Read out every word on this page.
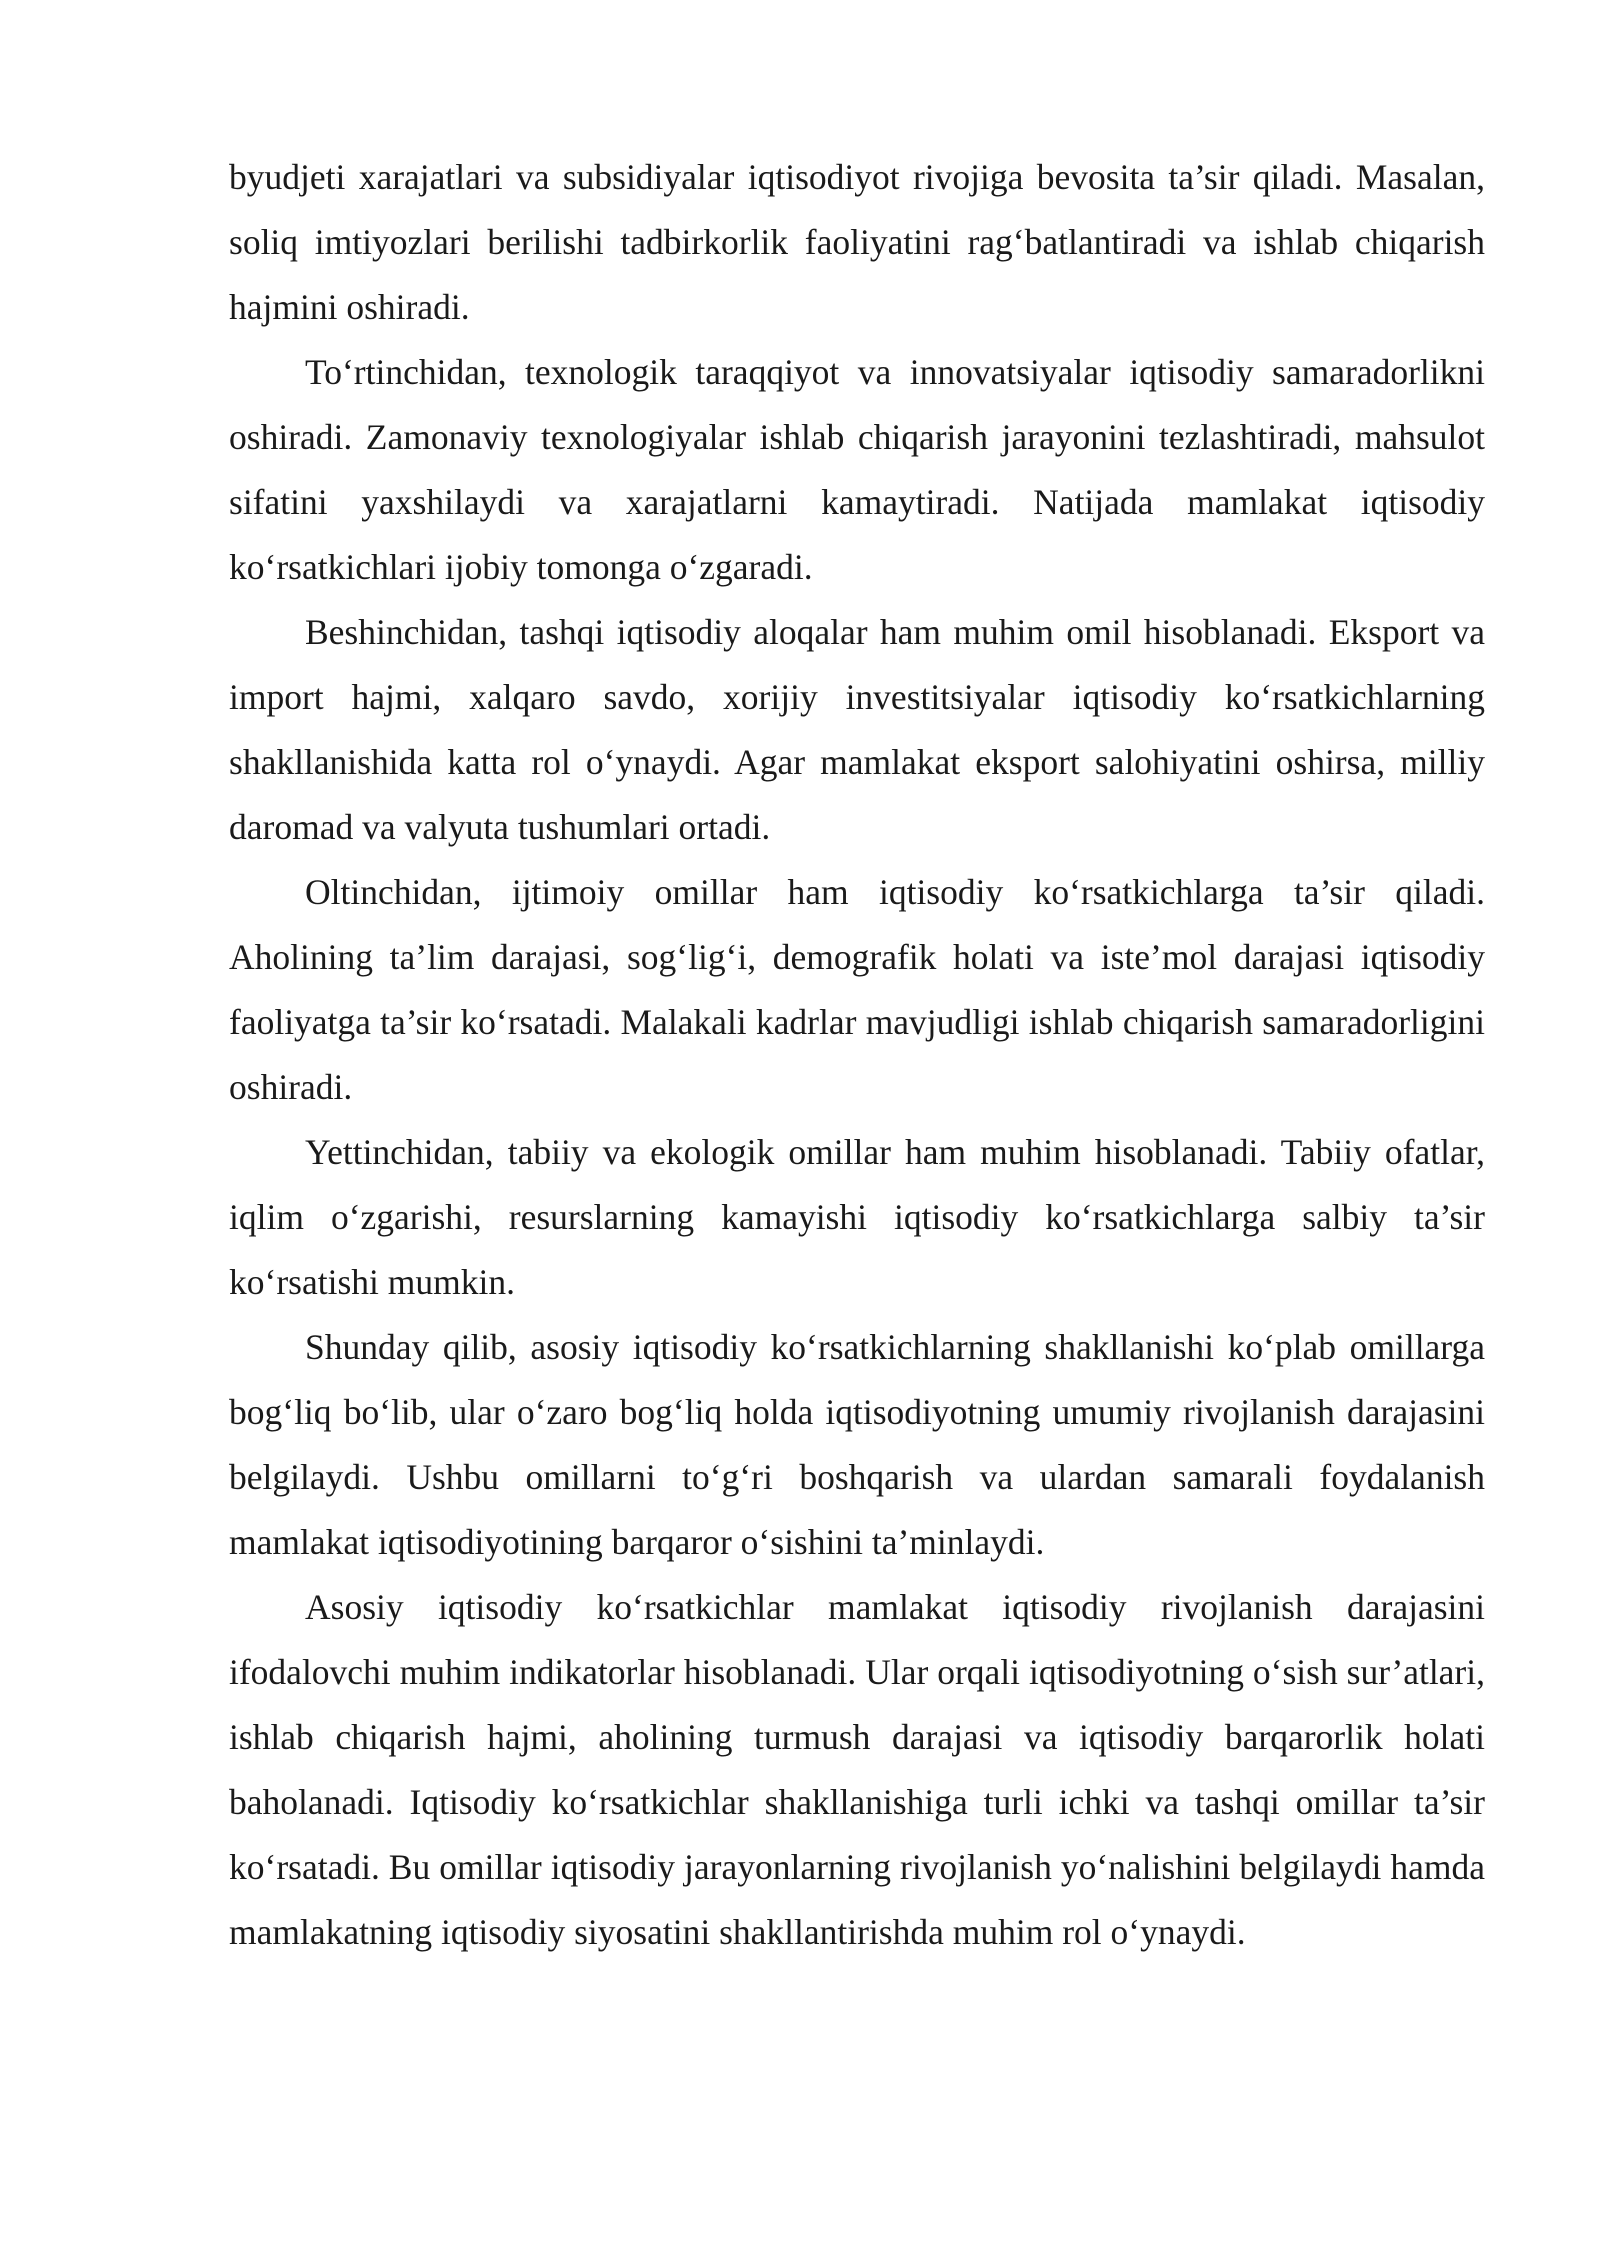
byudjeti xarajatlari va subsidiyalar iqtisodiyot rivojiga bevosita ta’sir qiladi. Masalan, soliq imtiyozlari berilishi tadbirkorlik faoliyatini rag‘batlantiradi va ishlab chiqarish hajmini oshiradi.

To‘rtinchidan, texnologik taraqqiyot va innovatsiyalar iqtisodiy samaradorlikni oshiradi. Zamonaviy texnologiyalar ishlab chiqarish jarayonini tezlashtiradi, mahsulot sifatini yaxshilaydi va xarajatlarni kamaytiradi. Natijada mamlakat iqtisodiy ko‘rsatkichlari ijobiy tomonga o‘zgaradi.

Beshinchidan, tashqi iqtisodiy aloqalar ham muhim omil hisoblanadi. Eksport va import hajmi, xalqaro savdo, xorijiy investitsiyalar iqtisodiy ko‘rsatkichlarning shakllanishida katta rol o‘ynaydi. Agar mamlakat eksport salohiyatini oshirsa, milliy daromad va valyuta tushumlari ortadi.

Oltinchidan, ijtimoiy omillar ham iqtisodiy ko‘rsatkichlarga ta’sir qiladi. Aholining ta’lim darajasi, sog‘lig‘i, demografik holati va iste’mol darajasi iqtisodiy faoliyatga ta’sir ko‘rsatadi. Malakali kadrlar mavjudligi ishlab chiqarish samaradorligini oshiradi.

Yettinchidan, tabiiy va ekologik omillar ham muhim hisoblanadi. Tabiiy ofatlar, iqlim o‘zgarishi, resurslarning kamayishi iqtisodiy ko‘rsatkichlarga salbiy ta’sir ko‘rsatishi mumkin.

Shunday qilib, asosiy iqtisodiy ko‘rsatkichlarning shakllanishi ko‘plab omillarga bog‘liq bo‘lib, ular o‘zaro bog‘liq holda iqtisodiyotning umumiy rivojlanish darajasini belgilaydi. Ushbu omillarni to‘g‘ri boshqarish va ulardan samarali foydalanish mamlakat iqtisodiyotining barqaror o‘sishini ta’minlaydi.

Asosiy iqtisodiy ko‘rsatkichlar mamlakat iqtisodiy rivojlanish darajasini ifodalovchi muhim indikatorlar hisoblanadi. Ular orqali iqtisodiyotning o‘sish sur’atlari, ishlab chiqarish hajmi, aholining turmush darajasi va iqtisodiy barqarorlik holati baholanadi. Iqtisodiy ko‘rsatkichlar shakllanishiga turli ichki va tashqi omillar ta’sir ko‘rsatadi. Bu omillar iqtisodiy jarayonlarning rivojlanish yo‘nalishini belgilaydi hamda mamlakatning iqtisodiy siyosatini shakllantirishda muhim rol o‘ynaydi.
